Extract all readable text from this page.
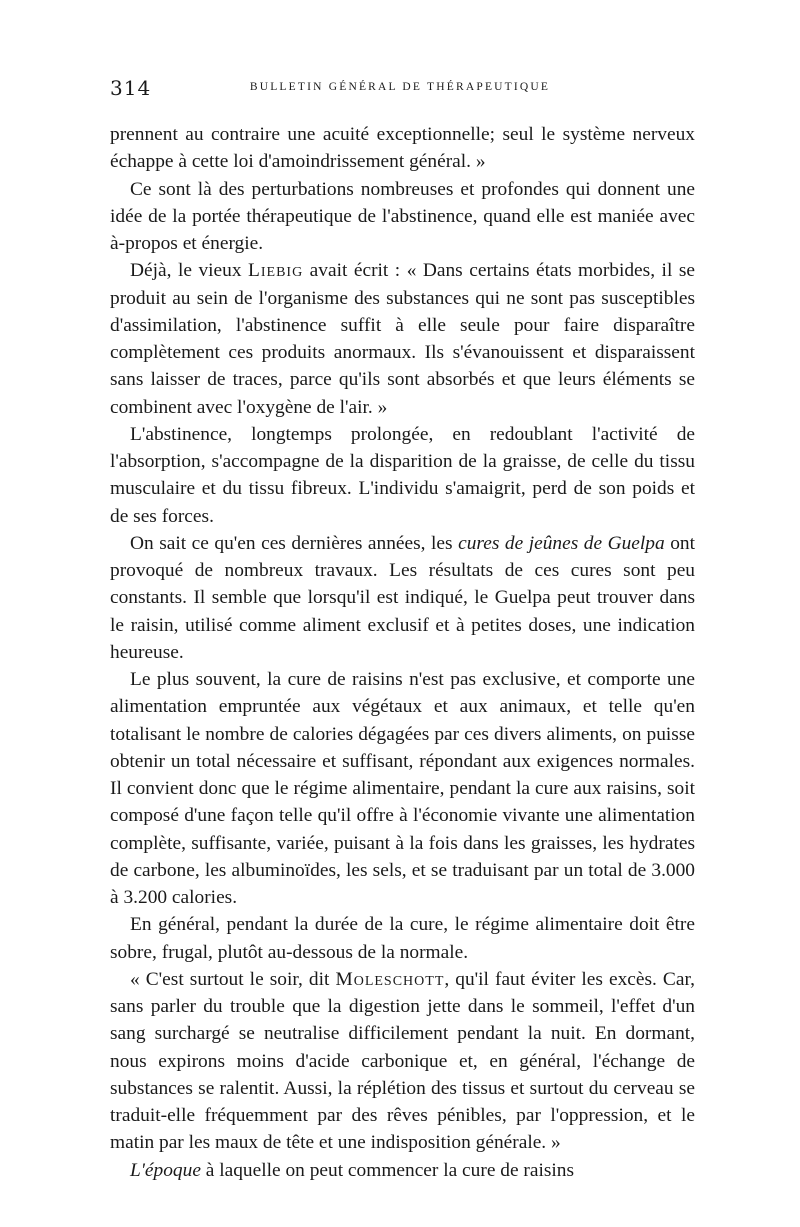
314	BULLETIN GÉNÉRAL DE THÉRAPEUTIQUE

prennent au contraire une acuité exceptionnelle; seul le système nerveux échappe à cette loi d'amoindrissement général. »

Ce sont là des perturbations nombreuses et profondes qui donnent une idée de la portée thérapeutique de l'abstinence, quand elle est maniée avec à-propos et énergie.

Déjà, le vieux Liebig avait écrit : « Dans certains états morbides, il se produit au sein de l'organisme des substances qui ne sont pas susceptibles d'assimilation, l'abstinence suffit à elle seule pour faire disparaître complètement ces produits anormaux. Ils s'évanouissent et disparaissent sans laisser de traces, parce qu'ils sont absorbés et que leurs éléments se combinent avec l'oxygène de l'air. »

L'abstinence, longtemps prolongée, en redoublant l'activité de l'absorption, s'accompagne de la disparition de la graisse, de celle du tissu musculaire et du tissu fibreux. L'individu s'amaigrit, perd de son poids et de ses forces.

On sait ce qu'en ces dernières années, les cures de jeûnes de Guelpa ont provoqué de nombreux travaux. Les résultats de ces cures sont peu constants. Il semble que lorsqu'il est indiqué, le Guelpa peut trouver dans le raisin, utilisé comme aliment exclusif et à petites doses, une indication heureuse.

Le plus souvent, la cure de raisins n'est pas exclusive, et comporte une alimentation empruntée aux végétaux et aux animaux, et telle qu'en totalisant le nombre de calories dégagées par ces divers aliments, on puisse obtenir un total nécessaire et suffisant, répondant aux exigences normales. Il convient donc que le régime alimentaire, pendant la cure aux raisins, soit composé d'une façon telle qu'il offre à l'économie vivante une alimentation complète, suffisante, variée, puisant à la fois dans les graisses, les hydrates de carbone, les albuminoïdes, les sels, et se traduisant par un total de 3.000 à 3.200 calories.

En général, pendant la durée de la cure, le régime alimentaire doit être sobre, frugal, plutôt au-dessous de la normale.

« C'est surtout le soir, dit Moleschott, qu'il faut éviter les excès. Car, sans parler du trouble que la digestion jette dans le sommeil, l'effet d'un sang surchargé se neutralise difficilement pendant la nuit. En dormant, nous expirons moins d'acide carbonique et, en général, l'échange de substances se ralentit. Aussi, la réplétion des tissus et surtout du cerveau se traduit-elle fréquemment par des rêves pénibles, par l'oppression, et le matin par les maux de tête et une indisposition générale. »

L'époque à laquelle on peut commencer la cure de raisins
